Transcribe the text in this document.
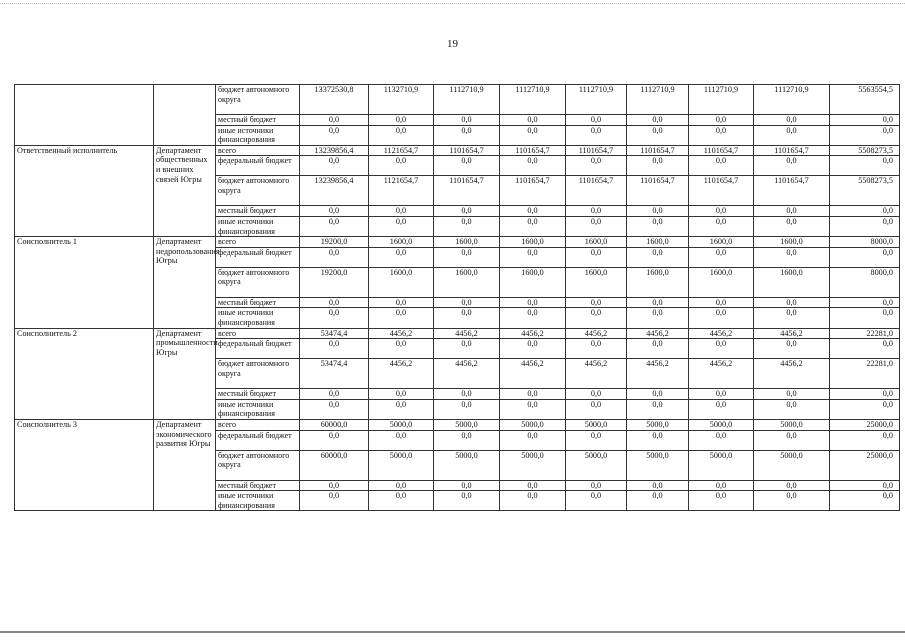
19
		бюджет автономного округа	13372530,8	1132710,9	1112710,9	1112710,9	1112710,9	1112710,9	1112710,9	1112710,9	5563554,5
		местный бюджет	0,0	0,0	0,0	0,0	0,0	0,0	0,0	0,0	0,0
		иные источники финансирования	0,0	0,0	0,0	0,0	0,0	0,0	0,0	0,0	0,0
Ответственный исполнитель	Департамент общественных и внешних связей Югры	всего	13239856,4	1121654,7	1101654,7	1101654,7	1101654,7	1101654,7	1101654,7	1101654,7	5508273,5
		федеральный бюджет	0,0	0,0	0,0	0,0	0,0	0,0	0,0	0,0	0,0
		бюджет автономного округа	13239856,4	1121654,7	1101654,7	1101654,7	1101654,7	1101654,7	1101654,7	1101654,7	5508273,5
		местный бюджет	0,0	0,0	0,0	0,0	0,0	0,0	0,0	0,0	0,0
		иные источники финансирования	0,0	0,0	0,0	0,0	0,0	0,0	0,0	0,0	0,0
Соисполнитель 1	Департамент недропользования Югры	всего	19200,0	1600,0	1600,0	1600,0	1600,0	1600,0	1600,0	1600,0	8000,0
		федеральный бюджет	0,0	0,0	0,0	0,0	0,0	0,0	0,0	0,0	0,0
		бюджет автономного округа	19200,0	1600,0	1600,0	1600,0	1600,0	1600,0	1600,0	1600,0	8000,0
		местный бюджет	0,0	0,0	0,0	0,0	0,0	0,0	0,0	0,0	0,0
		иные источники финансирования	0,0	0,0	0,0	0,0	0,0	0,0	0,0	0,0	0,0
Соисполнитель 2	Департамент промышленности Югры	всего	53474,4	4456,2	4456,2	4456,2	4456,2	4456,2	4456,2	4456,2	22281,0
		федеральный бюджет	0,0	0,0	0,0	0,0	0,0	0,0	0,0	0,0	0,0
		бюджет автономного округа	53474,4	4456,2	4456,2	4456,2	4456,2	4456,2	4456,2	4456,2	22281,0
		местный бюджет	0,0	0,0	0,0	0,0	0,0	0,0	0,0	0,0	0,0
		иные источники финансирования	0,0	0,0	0,0	0,0	0,0	0,0	0,0	0,0	0,0
Соисполнитель 3	Департамент экономического развития Югры	всего	60000,0	5000,0	5000,0	5000,0	5000,0	5000,0	5000,0	5000,0	25000,0
		федеральный бюджет	0,0	0,0	0,0	0,0	0,0	0,0	0,0	0,0	0,0
		бюджет автономного округа	60000,0	5000,0	5000,0	5000,0	5000,0	5000,0	5000,0	5000,0	25000,0
		местный бюджет	0,0	0,0	0,0	0,0	0,0	0,0	0,0	0,0	0,0
		иные источники финансирования	0,0	0,0	0,0	0,0	0,0	0,0	0,0	0,0	0,0
